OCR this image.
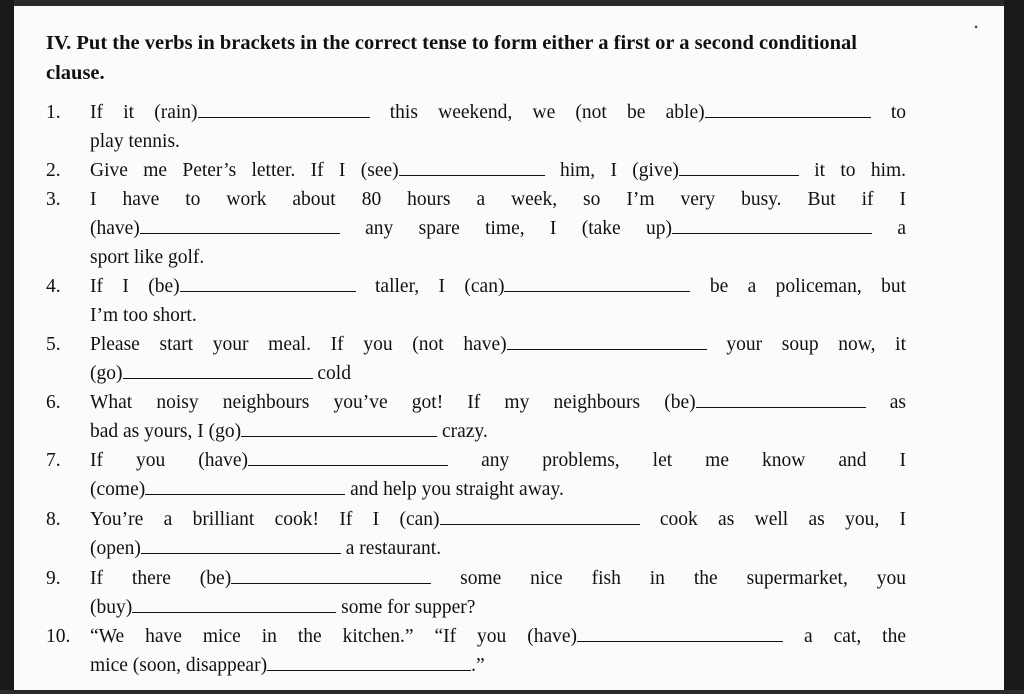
•
IV. Put the verbs in brackets in the correct tense to form either a first or a second conditional clause.
1. If it (rain)	this weekend, we (not be able)	to
play tennis.
2. Give me Peter’s letter. If I (see)	him, I (give)	it to him.
3. I have to work about 80 hours a week, so I’m very busy. But if I
(have)	any spare time, I (take up)	a
sport like golf.
4. If I (be)	taller, I (can)	be a policeman, but
I’m too short.
5. Please start your meal. If you (not have)	your soup now, it
(go)	cold
6. What noisy neighbours you’ve got! If my neighbours (be)	as
bad as yours, I (go)	crazy.
7. If you (have)	any problems, let me know and I
(come)	and help you straight away.
8. You’re a brilliant cook! If I (can)	cook as well as you, I
(open)	a restaurant.
9. If there (be)	some nice fish in the supermarket, you
(buy)	some for supper?
10. “We have mice in the kitchen.” “If you (have)	a cat, the
mice (soon, disappear)	.”
